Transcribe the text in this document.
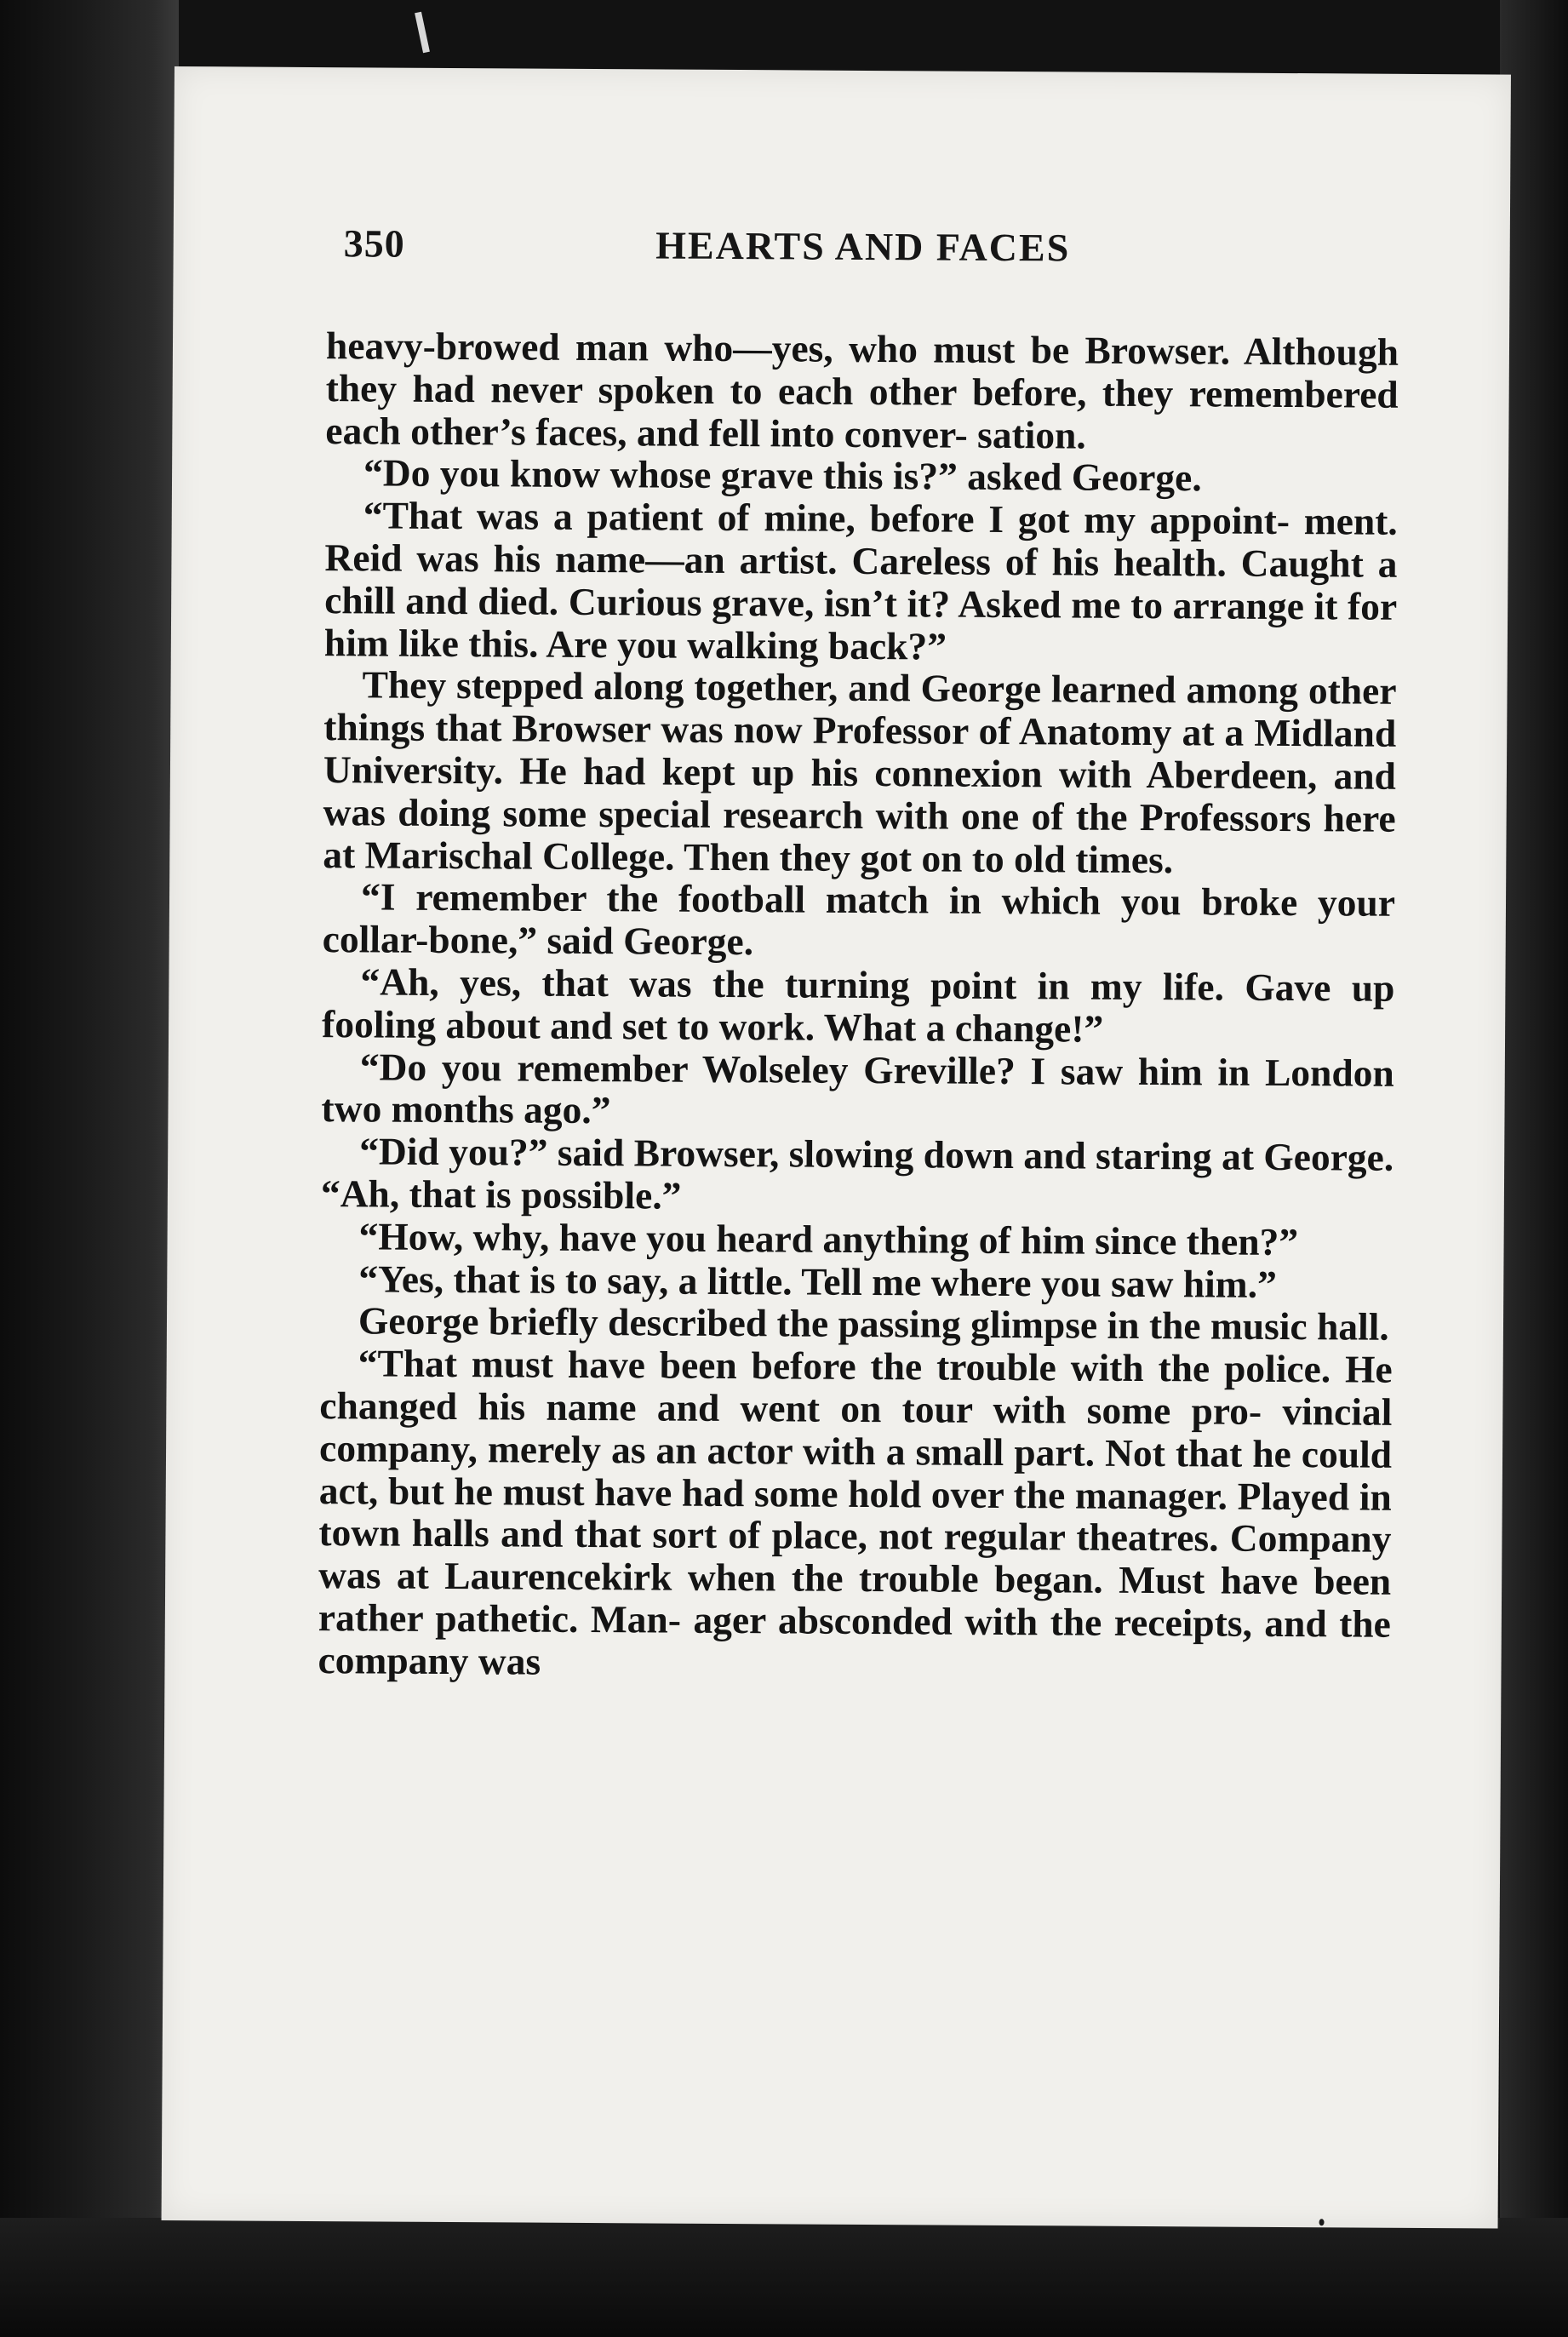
HEARTS AND FACES
350

heavy-browed man who—yes, who must be Browser. Although they had never spoken to each other before, they remembered each other’s faces, and fell into conver- sation.

“Do you know whose grave this is?” asked George.

“That was a patient of mine, before I got my appoint- ment. Reid was his name—an artist. Careless of his health. Caught a chill and died. Curious grave, isn’t it? Asked me to arrange it for him like this. Are you walking back?”

They stepped along together, and George learned among other things that Browser was now Professor of Anatomy at a Midland University. He had kept up his connexion with Aberdeen, and was doing some special research with one of the Professors here at Marischal College. Then they got on to old times.

“I remember the football match in which you broke your collar-bone,” said George.

“Ah, yes, that was the turning point in my life. Gave up fooling about and set to work. What a change!”

“Do you remember Wolseley Greville? I saw him in London two months ago.”

“Did you?” said Browser, slowing down and staring at George. “Ah, that is possible.”

“How, why, have you heard anything of him since then?”

“Yes, that is to say, a little. Tell me where you saw him.”

George briefly described the passing glimpse in the music hall.

“That must have been before the trouble with the police. He changed his name and went on tour with some pro- vincial company, merely as an actor with a small part. Not that he could act, but he must have had some hold over the manager. Played in town halls and that sort of place, not regular theatres. Company was at Laurencekirk when the trouble began. Must have been rather pathetic. Man- ager absconded with the receipts, and the company was
